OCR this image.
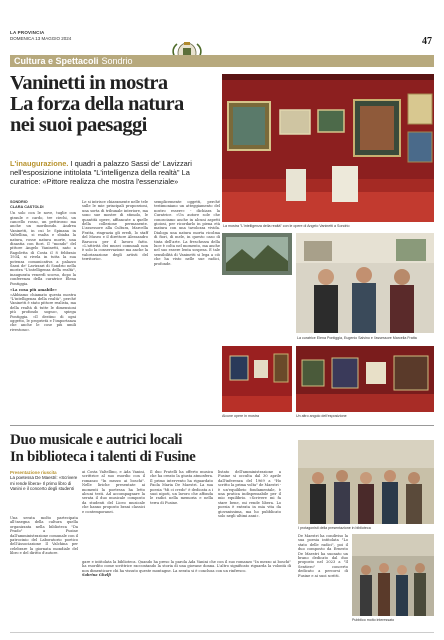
LA PROVINCIA
DOMENICA 13 MAGGIO 2024	47
Cultura e Spettacoli Sondrio
Vaninetti in mostra
La forza della natura
nei suoi paesaggi
L'inaugurazione. I quadri a palazzo Sassi de' Lavizzari nell'esposizione intitolata "L'intelligenza della realtà" La curatrice: «Pittore realizza che mostra l'essenziale»
La mostra "L'intelligenza della realtà" con le opere di Angelo Vaninetti a Sondrio
La curatrice Elena Pontiggia, Eugenio Salvino e l'assessore Marcella Fratta
Alcune opere in mostra	Un altro angolo dell'esposizione
SONDRIO
CLARA CASTOLDI

Un solo con le nove, tuglie con giraule e cardo, tre ciechi, un cancello rosso, un pettirosso ma anche un moribondo. Andrea Vaninetti, in cui le Spinana in Valtellina, si esalta e sbiaba la natura, rosse natura morte, una dinastia con fiori. Il "mondo" del pittore Angelo Vaninetti, nato a Ragoletta di Costa il 8 febbraio 1934, si rivela in tutta la sua potenza comunicativa a palazzo Sassi de' Lavizzari di Sondrio nella mostra "L'intelligenza della realtà", inaugurata venerdì scorso, dopo la conferenza della curatrice Elena Pontiggia.

«La cosa più amabile»

«Abbiamo chiamato questa mostra "L'intelligenza della realtà", perché Vaninetti è stato pittore realista, ma della realtà di tutte le dimensioni più profondo sogno», spiega Pontiggia. «Il destino di ogni oggetto, le proprietà e l'importanza che anche le cose più umili rivestono».

Le si intrisce chiaramente nelle tele sulle le mie principali proporzioni, una sorta di tribunale interiore, ma sono sue mostre di stimolo, le quantità opere, affiancate a quelle della collezione permanente. L'assessore alla Cultura, Marcella Fratta, ringrazia gli eredi, lo staff del Museo e il direttore Alessandro Barucca per il lavoro fatto. «L'attività dei musei comunali non è solo la conservazione ma anche la valorizzazione degli artisti del territorio».

semplicemente oggetti, perché testimoniano un atteggiamento del nostro essere» - dichiara la Curatrice. «Un autore sole che conosciamo anche in alcuni aspetti gioiosi, per ricordarlo in piena età matura con una tavolozza vivida. Dialoga una natura morta ricolma di fiori, di mele, in questo caso di tinta dell'arte. La freschezza della luce è colta nel momento, ma anche nel suo essere lenta sospesa. E tale sensibilità di Vaninetti si lega a ciò che ha visto nelle sue radici, profonde.

Duo musicale e autrici locali
In biblioteca i talenti di Fusine
Presentazione riuscita
La poetessa De Maestri: «Scrivere mi rende libera» Il primo libro di Vanini e il concerto degli studenti

ai Costa Valtellino, e Ada Vanini, scrittrice al suo esordio con il romanzo "In mezzo ai boschi". Nelle liriche presentate ai momenti la poetessa ha letto alcuni testi. Ad accompagnare la serata il duo musicale composto da studenti del Liceo musicale che hanno proposto brani classici e contemporanei.

Il duo Fratelli ha offerto musica che ha creato la giusta atmosfera. Il primo intervento ha riguardato Paola Maria De Maestri. La sua poesia "Mi ci credo" è dedicata a i suoi nipoti, un lavoro che affonda le radici nella memoria e nella terra di Fusine.

listato dell'amministrazione a Fusine si occulta dal 30 aprile dall'inferenza del 1969 a "Ho scritto la prima volta" de Maestri - è un'equilibrio fondamentale, è una pratica indispensabile per il mio equilibrio. «Scrivere mi fa stare bene, mi rende libera. Lo poesia è entrata in mia vita da giovanissima, ma ho pubblicato solo negli ultimi anni».

Una serata molto partecipata all'insegna della cultura quella organizzata nella biblioteca "Da Prado" a Fusine dall'amministrazione comunale con il patrocinio del Laboratorio poetico dell'Associazione Il Valchina per celebrare la giornata mondiale del libro e del diritto d'autore.

I protagonisti della presentazione in biblioteca
Pubblico molto interessato

De Maestri ha condiviso la sua poesia intitolata "Lo stato delle radici", poi il duo composto da Ernesto De Maestri ha suonato un brano dedicato dal duo proposto nel 2023 a "Il Sentiero" concerto dedicato a percorsi di Fusine e ai suoi scritti.

gare e intitolata la biblioteca. Quando ha preso la parola Ada Vanini che con il suo romanzo "In mezzo ai boschi" ha esordito come scrittrice raccontando la storia di una giovane donna. L'altro significato riguarda la volontà di non dimenticare chi ha vissuto queste montagne. La serata si è conclusa con un rinfresco.

Sabrina Ghelfi
